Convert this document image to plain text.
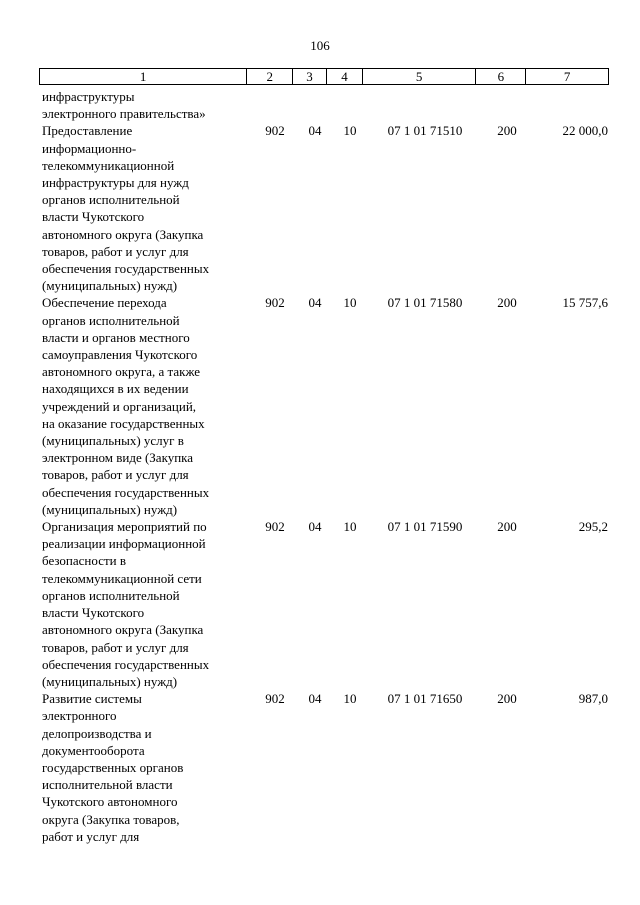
106
1	2	3	4	5	6	7
инфраструктуры
электронного правительства»
Предоставление
информационно-
телекоммуникационной
инфраструктуры для нужд
органов исполнительной
власти Чукотского
автономного округа (Закупка
товаров, работ и услуг для
обеспечения государственных
(муниципальных) нужд)
902	04	10	07 1 01 71510	200	22 000,0
Обеспечение перехода
органов исполнительной
власти и органов местного
самоуправления Чукотского
автономного округа, а также
находящихся в их ведении
учреждений и организаций,
на оказание государственных
(муниципальных) услуг в
электронном виде (Закупка
товаров, работ и услуг для
обеспечения государственных
(муниципальных) нужд)
902	04	10	07 1 01 71580	200	15 757,6
Организация мероприятий по
реализации информационной
безопасности в
телекоммуникационной сети
органов исполнительной
власти Чукотского
автономного округа (Закупка
товаров, работ и услуг для
обеспечения государственных
(муниципальных) нужд)
902	04	10	07 1 01 71590	200	295,2
Развитие системы
электронного
делопроизводства и
документооборота
государственных органов
исполнительной власти
Чукотского автономного
округа (Закупка товаров,
работ и услуг для
902	04	10	07 1 01 71650	200	987,0
